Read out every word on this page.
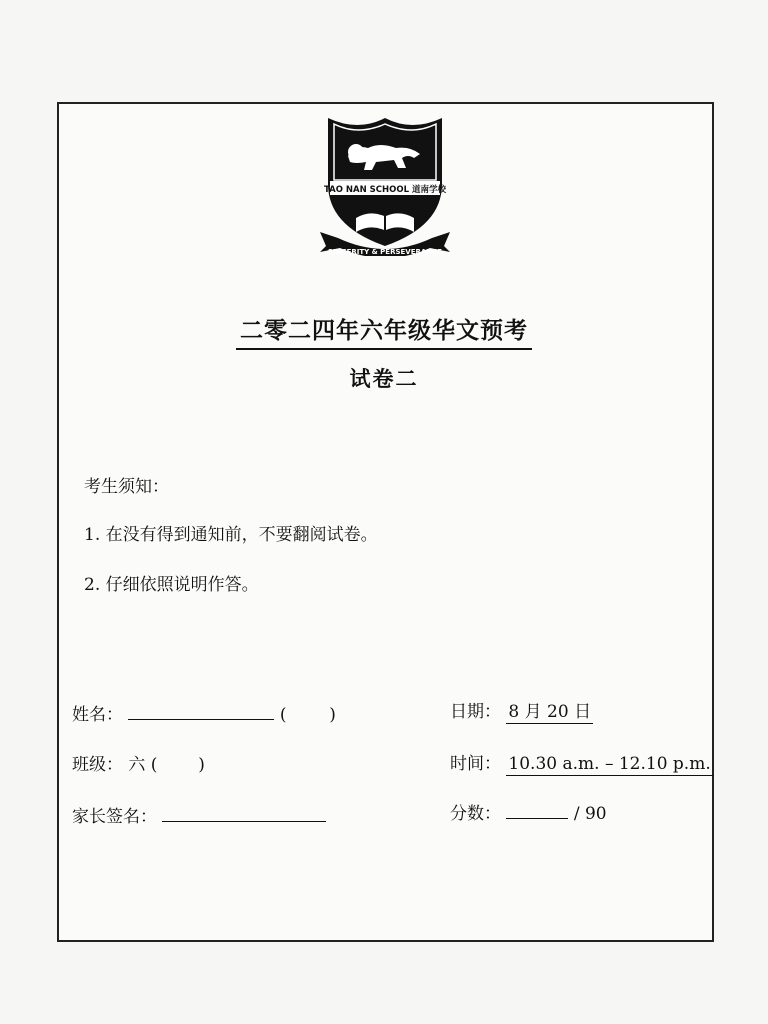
TAO NAN SCHOOL 道南学校
SINCERITY & PERSEVERANCE
二零二四年六年级华文预考
试卷二
考生须知：
1. 在没有得到通知前，不要翻阅试卷。
2. 仔细依照说明作答。
姓名：	(	)
班级： 六 ( )
家长签名：
日期： 8 月 20 日
时间： 10.30 a.m. – 12.10 p.m.
分数：	/ 90
